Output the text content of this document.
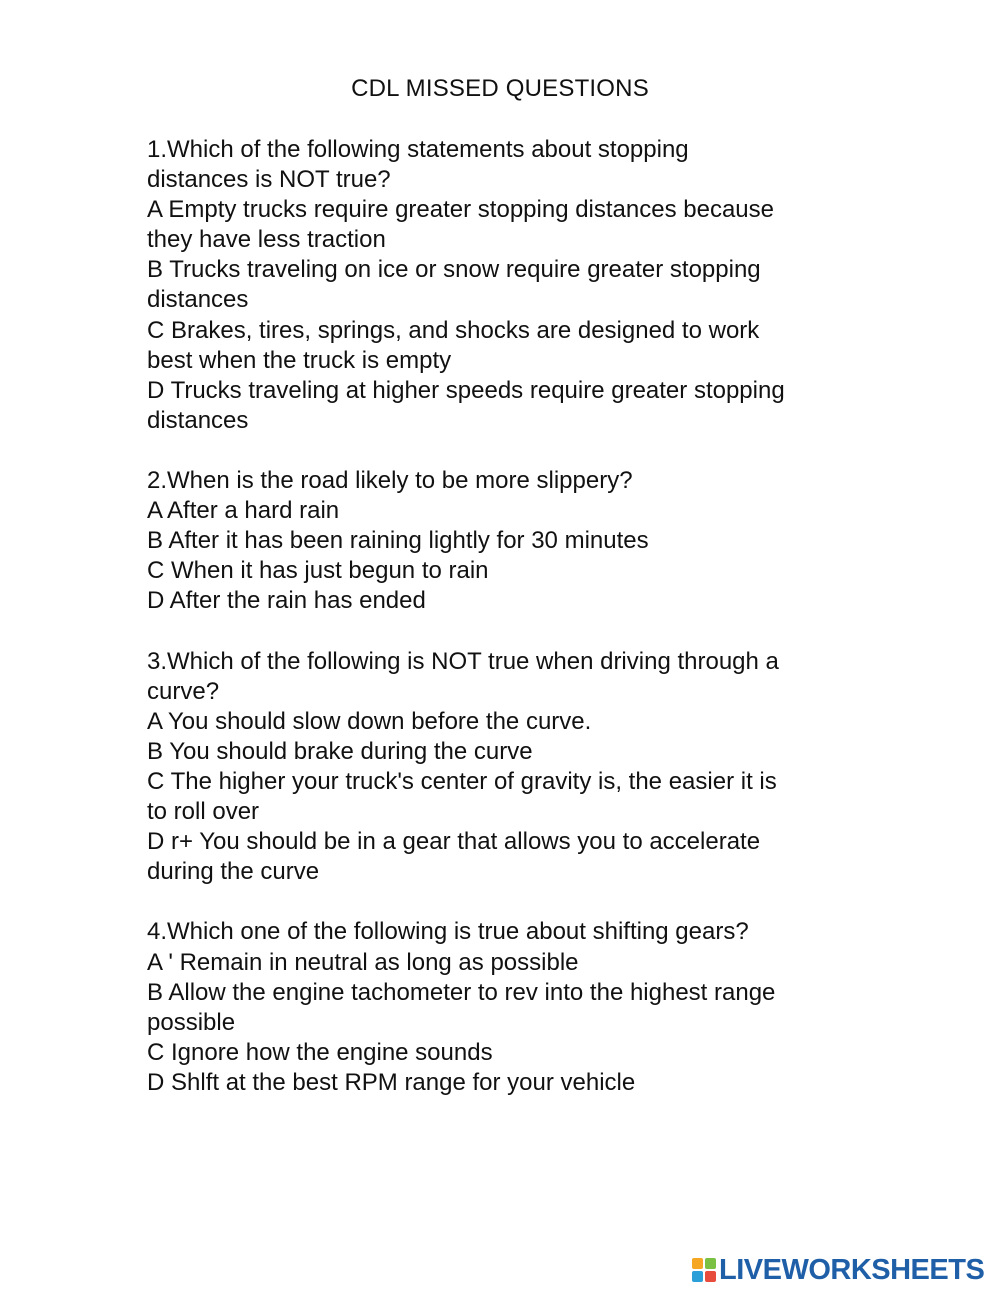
CDL MISSED QUESTIONS
1.Which of the following statements about stopping
distances is NOT true?
A Empty trucks require greater stopping distances because
they have less traction
B Trucks traveling on ice or snow require greater stopping
distances
C Brakes, tires, springs, and shocks are designed to work
best when the truck is empty
D Trucks traveling at higher speeds require greater stopping
distances
2.When is the road likely to be more slippery?
A After a hard rain
B After it has been raining lightly for 30 minutes
C When it has just begun to rain
D After the rain has ended
3.Which of the following is NOT true when driving through a
curve?
A You should slow down before the curve.
B You should brake during the curve
C The higher your truck's center of gravity is, the easier it is
to roll over
D r+ You should be in a gear that allows you to accelerate
during the curve
4.Which one of the following is true about shifting gears?
A ' Remain in neutral as long as possible
B Allow the engine tachometer to rev into the highest range
possible
C Ignore how the engine sounds
D Shlft at the best RPM range for your vehicle
LIVEWORKSHEETS
